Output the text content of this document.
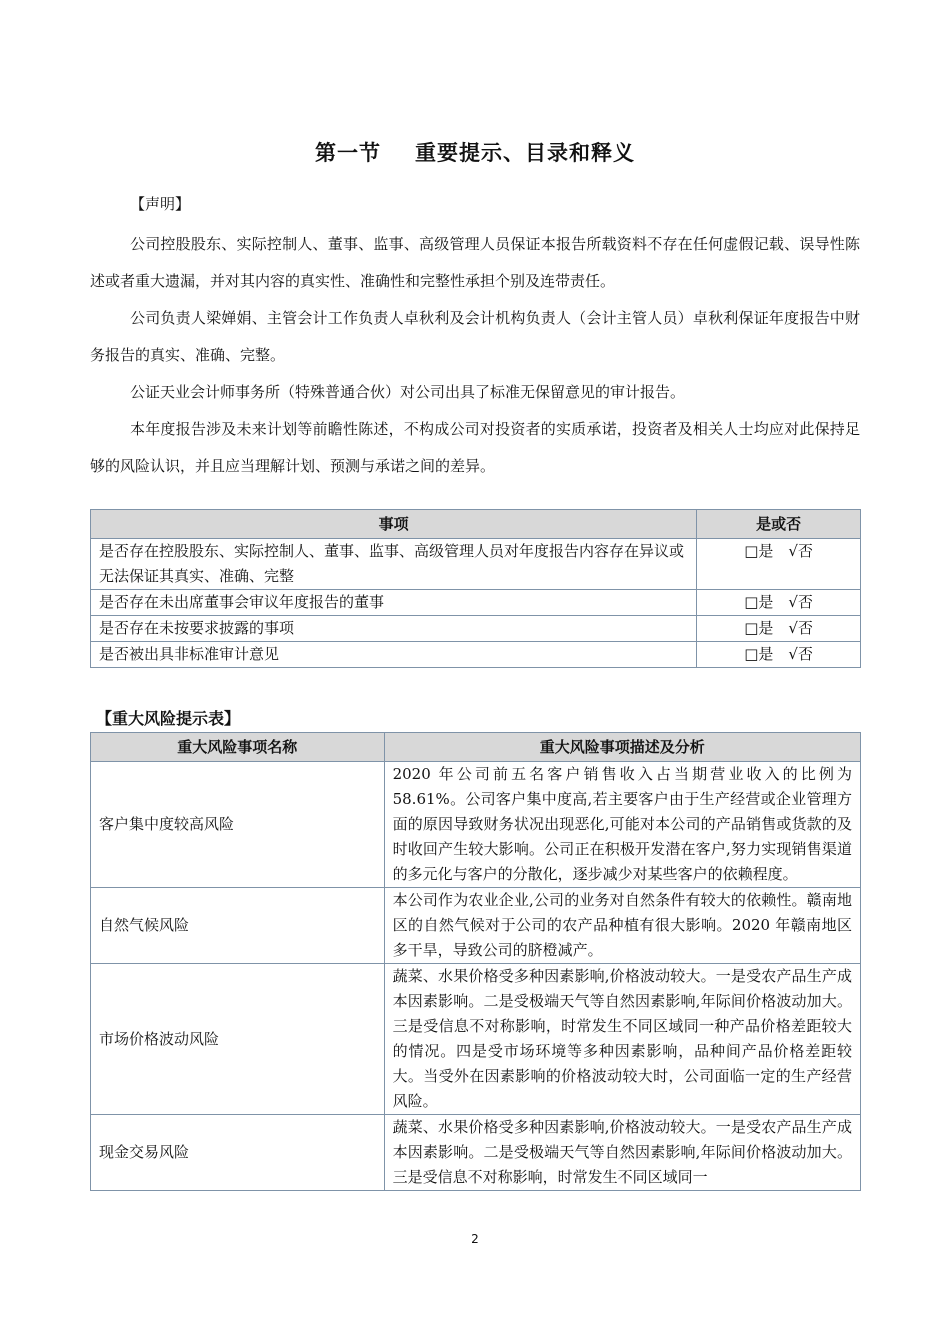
第一节 重要提示、目录和释义
【声明】
公司控股股东、实际控制人、董事、监事、高级管理人员保证本报告所载资料不存在任何虚假记载、误导性陈述或者重大遗漏，并对其内容的真实性、准确性和完整性承担个别及连带责任。
公司负责人梁婵娟、主管会计工作负责人卓秋利及会计机构负责人（会计主管人员）卓秋利保证年度报告中财务报告的真实、准确、完整。
公证天业会计师事务所（特殊普通合伙）对公司出具了标准无保留意见的审计报告。
本年度报告涉及未来计划等前瞻性陈述，不构成公司对投资者的实质承诺，投资者及相关人士均应对此保持足够的风险认识，并且应当理解计划、预测与承诺之间的差异。
事项	是或否
是否存在控股股东、实际控制人、董事、监事、高级管理人员对年度报告内容存在异议或无法保证其真实、准确、完整	□是　√否
是否存在未出席董事会审议年度报告的董事	□是　√否
是否存在未按要求披露的事项	□是　√否
是否被出具非标准审计意见	□是　√否
【重大风险提示表】
重大风险事项名称	重大风险事项描述及分析
客户集中度较高风险	2020 年公司前五名客户销售收入占当期营业收入的比例为 58.61%。公司客户集中度高,若主要客户由于生产经营或企业管理方面的原因导致财务状况出现恶化,可能对本公司的产品销售或货款的及时收回产生较大影响。公司正在积极开发潜在客户,努力实现销售渠道的多元化与客户的分散化，逐步减少对某些客户的依赖程度。
自然气候风险	本公司作为农业企业,公司的业务对自然条件有较大的依赖性。赣南地区的自然气候对于公司的农产品种植有很大影响。2020 年赣南地区多干旱，导致公司的脐橙减产。
市场价格波动风险	蔬菜、水果价格受多种因素影响,价格波动较大。一是受农产品生产成本因素影响。二是受极端天气等自然因素影响,年际间价格波动加大。三是受信息不对称影响，时常发生不同区域同一种产品价格差距较大的情况。四是受市场环境等多种因素影响，品种间产品价格差距较大。当受外在因素影响的价格波动较大时，公司面临一定的生产经营风险。
现金交易风险	蔬菜、水果价格受多种因素影响,价格波动较大。一是受农产品生产成本因素影响。二是受极端天气等自然因素影响,年际间价格波动加大。三是受信息不对称影响，时常发生不同区域同一
2
